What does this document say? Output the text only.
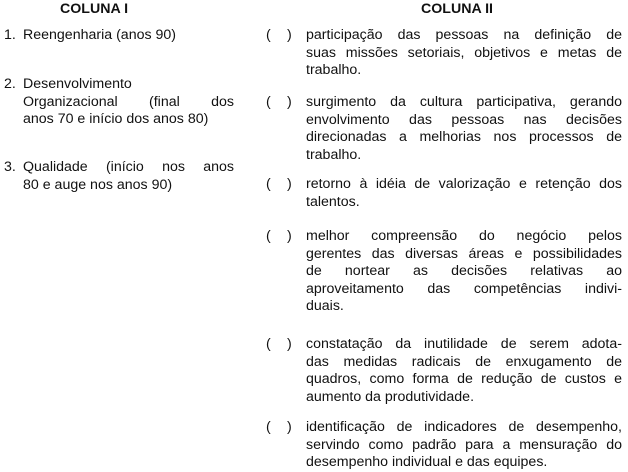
COLUNA I	COLUNA II
1. Reengenharia (anos 90)
2. Desenvolvimento
Organizacional (final dos
anos 70 e início dos anos 80)
3. Qualidade (início nos anos
80 e auge nos anos 90)
( ) participação das pessoas na definição de
suas missões setoriais, objetivos e metas de
trabalho.
( ) surgimento da cultura participativa, gerando
envolvimento das pessoas nas decisões
direcionadas a melhorias nos processos de
trabalho.
( ) retorno à idéia de valorização e retenção dos
talentos.
( ) melhor compreensão do negócio pelos
gerentes das diversas áreas e possibilidades
de nortear as decisões relativas ao
aproveitamento das competências indivi-
duais.
( ) constatação da inutilidade de serem adota-
das medidas radicais de enxugamento de
quadros, como forma de redução de custos e
aumento da produtividade.
( ) identificação de indicadores de desempenho,
servindo como padrão para a mensuração do
desempenho individual e das equipes.
